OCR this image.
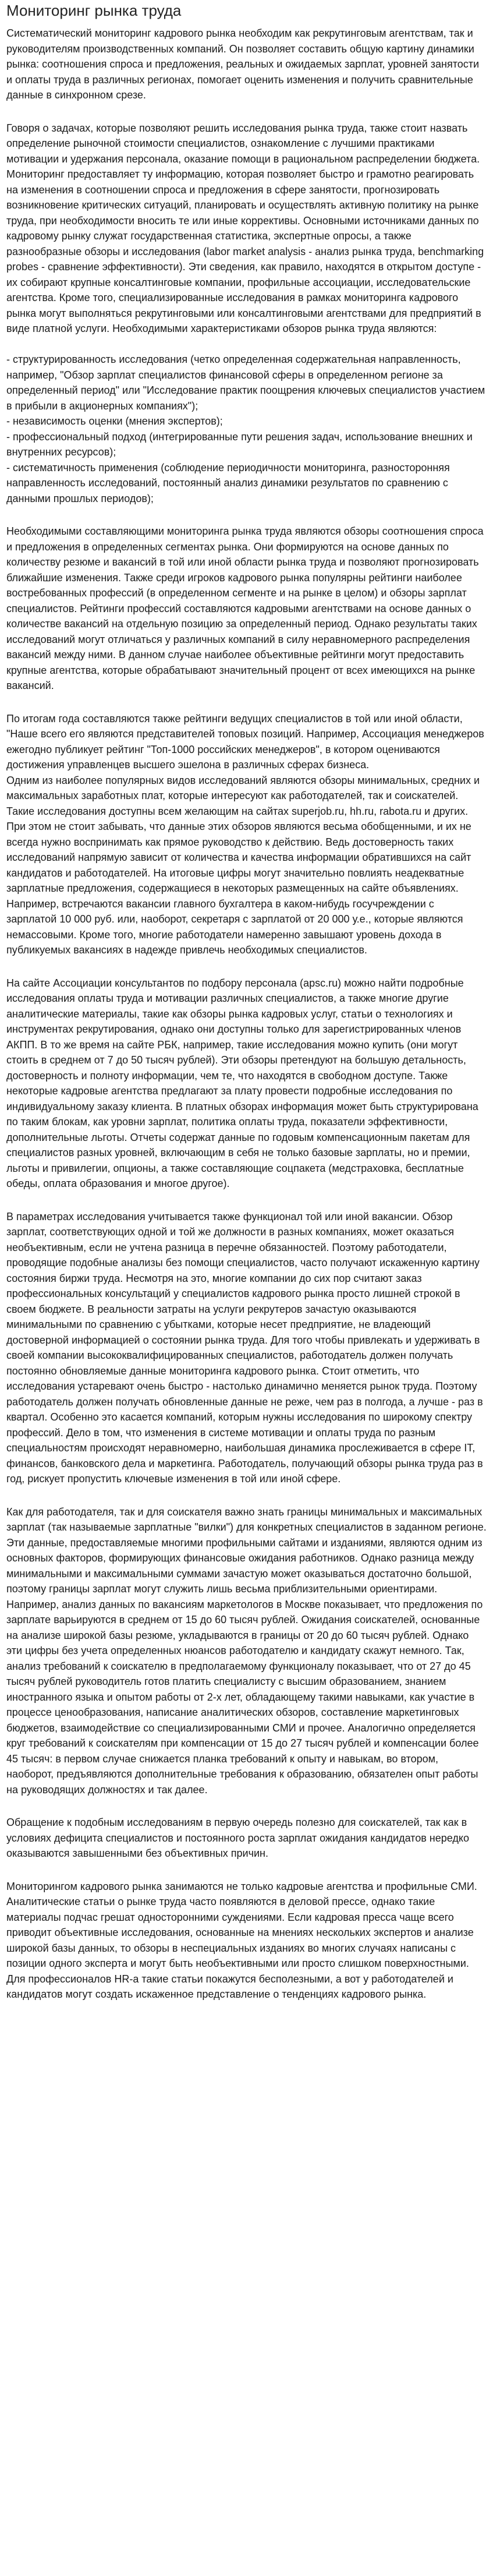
Мониторинг рынка труда

Систематический мониторинг кадрового рынка необходим как рекрутинговым агентствам, так и руководителям производственных компаний. Он позволяет составить общую картину динамики рынка: соотношения спроса и предложения, реальных и ожидаемых зарплат, уровней занятости и оплаты труда в различных регионах, помогает оценить изменения и получить сравнительные данные в синхронном срезе.

Говоря о задачах, которые позволяют решить исследования рынка труда, также стоит назвать определение рыночной стоимости специалистов, ознакомление с лучшими практиками мотивации и удержания персонала, оказание помощи в рациональном распределении бюджета. Мониторинг предоставляет ту информацию, которая позволяет быстро и грамотно реагировать на изменения в соотношении спроса и предложения в сфере занятости, прогнозировать возникновение критических ситуаций, планировать и осуществлять активную политику на рынке труда, при необходимости вносить те или иные коррективы. Основными источниками данных по кадровому рынку служат государственная статистика, экспертные опросы, а также разнообразные обзоры и исследования (labor market analysis - анализ рынка труда, benchmarking probes - сравнение эффективности). Эти сведения, как правило, находятся в открытом доступе - их собирают крупные консалтинговые компании, профильные ассоциации, исследовательские агентства. Кроме того, специализированные исследования в рамках мониторинга кадрового рынка могут выполняться рекрутинговыми или консалтинговыми агентствами для предприятий в виде платной услуги. Необходимыми характеристиками обзоров рынка труда являются:

- структурированность исследования (четко определенная содержательная направленность, например, "Обзор зарплат специалистов финансовой сферы в определенном регионе за определенный период" или "Исследование практик поощрения ключевых специалистов участием в прибыли в акционерных компаниях");
- независимость оценки (мнения экспертов);
- профессиональный подход (интегрированные пути решения задач, использование внешних и внутренних ресурсов);
- систематичность применения (соблюдение периодичности мониторинга, разносторонняя направленность исследований, постоянный анализ динамики результатов по сравнению с данными прошлых периодов);

Необходимыми составляющими мониторинга рынка труда являются обзоры соотношения спроса и предложения в определенных сегментах рынка. Они формируются на основе данных по количеству резюме и вакансий в той или иной области рынка труда и позволяют прогнозировать ближайшие изменения. Также среди игроков кадрового рынка популярны рейтинги наиболее востребованных профессий (в определенном сегменте и на рынке в целом) и обзоры зарплат специалистов. Рейтинги профессий составляются кадровыми агентствами на основе данных о количестве вакансий на отдельную позицию за определенный период. Однако результаты таких исследований могут отличаться у различных компаний в силу неравномерного распределения вакансий между ними. В данном случае наиболее объективные рейтинги могут предоставить крупные агентства, которые обрабатывают значительный процент от всех имеющихся на рынке вакансий.

По итогам года составляются также рейтинги ведущих специалистов в той или иной области, "Наше всего его являются представителей топовых позиций. Например, Ассоциация менеджеров ежегодно публикует рейтинг "Топ-1000 российских менеджеров", в котором оцениваются достижения управленцев высшего эшелона в различных сферах бизнеса.
Одним из наиболее популярных видов исследований являются обзоры минимальных, средних и максимальных заработных плат, которые интересуют как работодателей, так и соискателей. Такие исследования доступны всем желающим на сайтах superjob.ru, hh.ru, rabota.ru и других. При этом не стоит забывать, что данные этих обзоров являются весьма обобщенными, и их не всегда нужно воспринимать как прямое руководство к действию. Ведь достоверность таких исследований напрямую зависит от количества и качества информации обратившихся на сайт кандидатов и работодателей. На итоговые цифры могут значительно повлиять неадекватные зарплатные предложения, содержащиеся в некоторых размещенных на сайте объявлениях. Например, встречаются вакансии главного бухгалтера в каком-нибудь госучреждении с зарплатой 10 000 руб. или, наоборот, секретаря с зарплатой от 20 000 у.е., которые являются немассовыми. Кроме того, многие работодатели намеренно завышают уровень дохода в публикуемых вакансиях в надежде привлечь необходимых специалистов.

На сайте Ассоциации консультантов по подбору персонала (apsc.ru) можно найти подробные исследования оплаты труда и мотивации различных специалистов, а также многие другие аналитические материалы, такие как обзоры рынка кадровых услуг, статьи о технологиях и инструментах рекрутирования, однако они доступны только для зарегистрированных членов АКПП. В то же время на сайте РБК, например, такие исследования можно купить (они могут стоить в среднем от 7 до 50 тысяч рублей). Эти обзоры претендуют на большую детальность, достоверность и полноту информации, чем те, что находятся в свободном доступе. Также некоторые кадровые агентства предлагают за плату провести подробные исследования по индивидуальному заказу клиента. В платных обзорах информация может быть структурирована по таким блокам, как уровни зарплат, политика оплаты труда, показатели эффективности, дополнительные льготы. Отчеты содержат данные по годовым компенсационным пакетам для специалистов разных уровней, включающим в себя не только базовые зарплаты, но и премии, льготы и привилегии, опционы, а также составляющие соцпакета (медстраховка, бесплатные обеды, оплата образования и многое другое).

В параметрах исследования учитывается также функционал той или иной вакансии. Обзор зарплат, соответствующих одной и той же должности в разных компаниях, может оказаться необъективным, если не учтена разница в перечне обязанностей. Поэтому работодатели, проводящие подобные анализы без помощи специалистов, часто получают искаженную картину состояния биржи труда. Несмотря на это, многие компании до сих пор считают заказ профессиональных консультаций у специалистов кадрового рынка просто лишней строкой в своем бюджете. В реальности затраты на услуги рекрутеров зачастую оказываются минимальными по сравнению с убытками, которые несет предприятие, не владеющий достоверной информацией о состоянии рынка труда. Для того чтобы привлекать и удерживать в своей компании высококвалифицированных специалистов, работодатель должен получать постоянно обновляемые данные мониторинга кадрового рынка. Стоит отметить, что исследования устаревают очень быстро - настолько динамично меняется рынок труда. Поэтому работодатель должен получать обновленные данные не реже, чем раз в полгода, а лучше - раз в квартал. Особенно это касается компаний, которым нужны исследования по широкому спектру профессий. Дело в том, что изменения в системе мотивации и оплаты труда по разным специальностям происходят неравномерно, наибольшая динамика прослеживается в сфере IT, финансов, банковского дела и маркетинга. Работодатель, получающий обзоры рынка труда раз в год, рискует пропустить ключевые изменения в той или иной сфере.

Как для работодателя, так и для соискателя важно знать границы минимальных и максимальных зарплат (так называемые зарплатные "вилки") для конкретных специалистов в заданном регионе. Эти данные, предоставляемые многими профильными сайтами и изданиями, являются одним из основных факторов, формирующих финансовые ожидания работников. Однако разница между минимальными и максимальными суммами зачастую может оказываться достаточно большой, поэтому границы зарплат могут служить лишь весьма приблизительными ориентирами. Например, анализ данных по вакансиям маркетологов в Москве показывает, что предложения по зарплате варьируются в среднем от 15 до 60 тысяч рублей. Ожидания соискателей, основанные на анализе широкой базы резюме, укладываются в границы от 20 до 60 тысяч рублей. Однако эти цифры без учета определенных нюансов работодателю и кандидату скажут немного. Так, анализ требований к соискателю в предполагаемому функционалу показывает, что от 27 до 45 тысяч рублей руководитель готов платить специалисту с высшим образованием, знанием иностранного языка и опытом работы от 2-х лет, обладающему такими навыками, как участие в процессе ценообразования, написание аналитических обзоров, составление маркетинговых бюджетов, взаимодействие со специализированными СМИ и прочее. Аналогично определяется круг требований к соискателям при компенсации от 15 до 27 тысяч рублей и компенсации более 45 тысяч: в первом случае снижается планка требований к опыту и навыкам, во втором, наоборот, предъявляются дополнительные требования к образованию, обязателен опыт работы на руководящих должностях и так далее.

Обращение к подобным исследованиям в первую очередь полезно для соискателей, так как в условиях дефицита специалистов и постоянного роста зарплат ожидания кандидатов нередко оказываются завышенными без объективных причин.

Мониторингом кадрового рынка занимаются не только кадровые агентства и профильные СМИ. Аналитические статьи о рынке труда часто появляются в деловой прессе, однако такие материалы подчас грешат односторонними суждениями. Если кадровая пресса чаще всего приводит объективные исследования, основанные на мнениях нескольких экспертов и анализе широкой базы данных, то обзоры в неспециальных изданиях во многих случаях написаны с позиции одного эксперта и могут быть необъективными или просто слишком поверхностными. Для профессионалов HR-а такие статьи покажутся бесполезными, а вот у работодателей и кандидатов могут создать искаженное представление о тенденциях кадрового рынка.
